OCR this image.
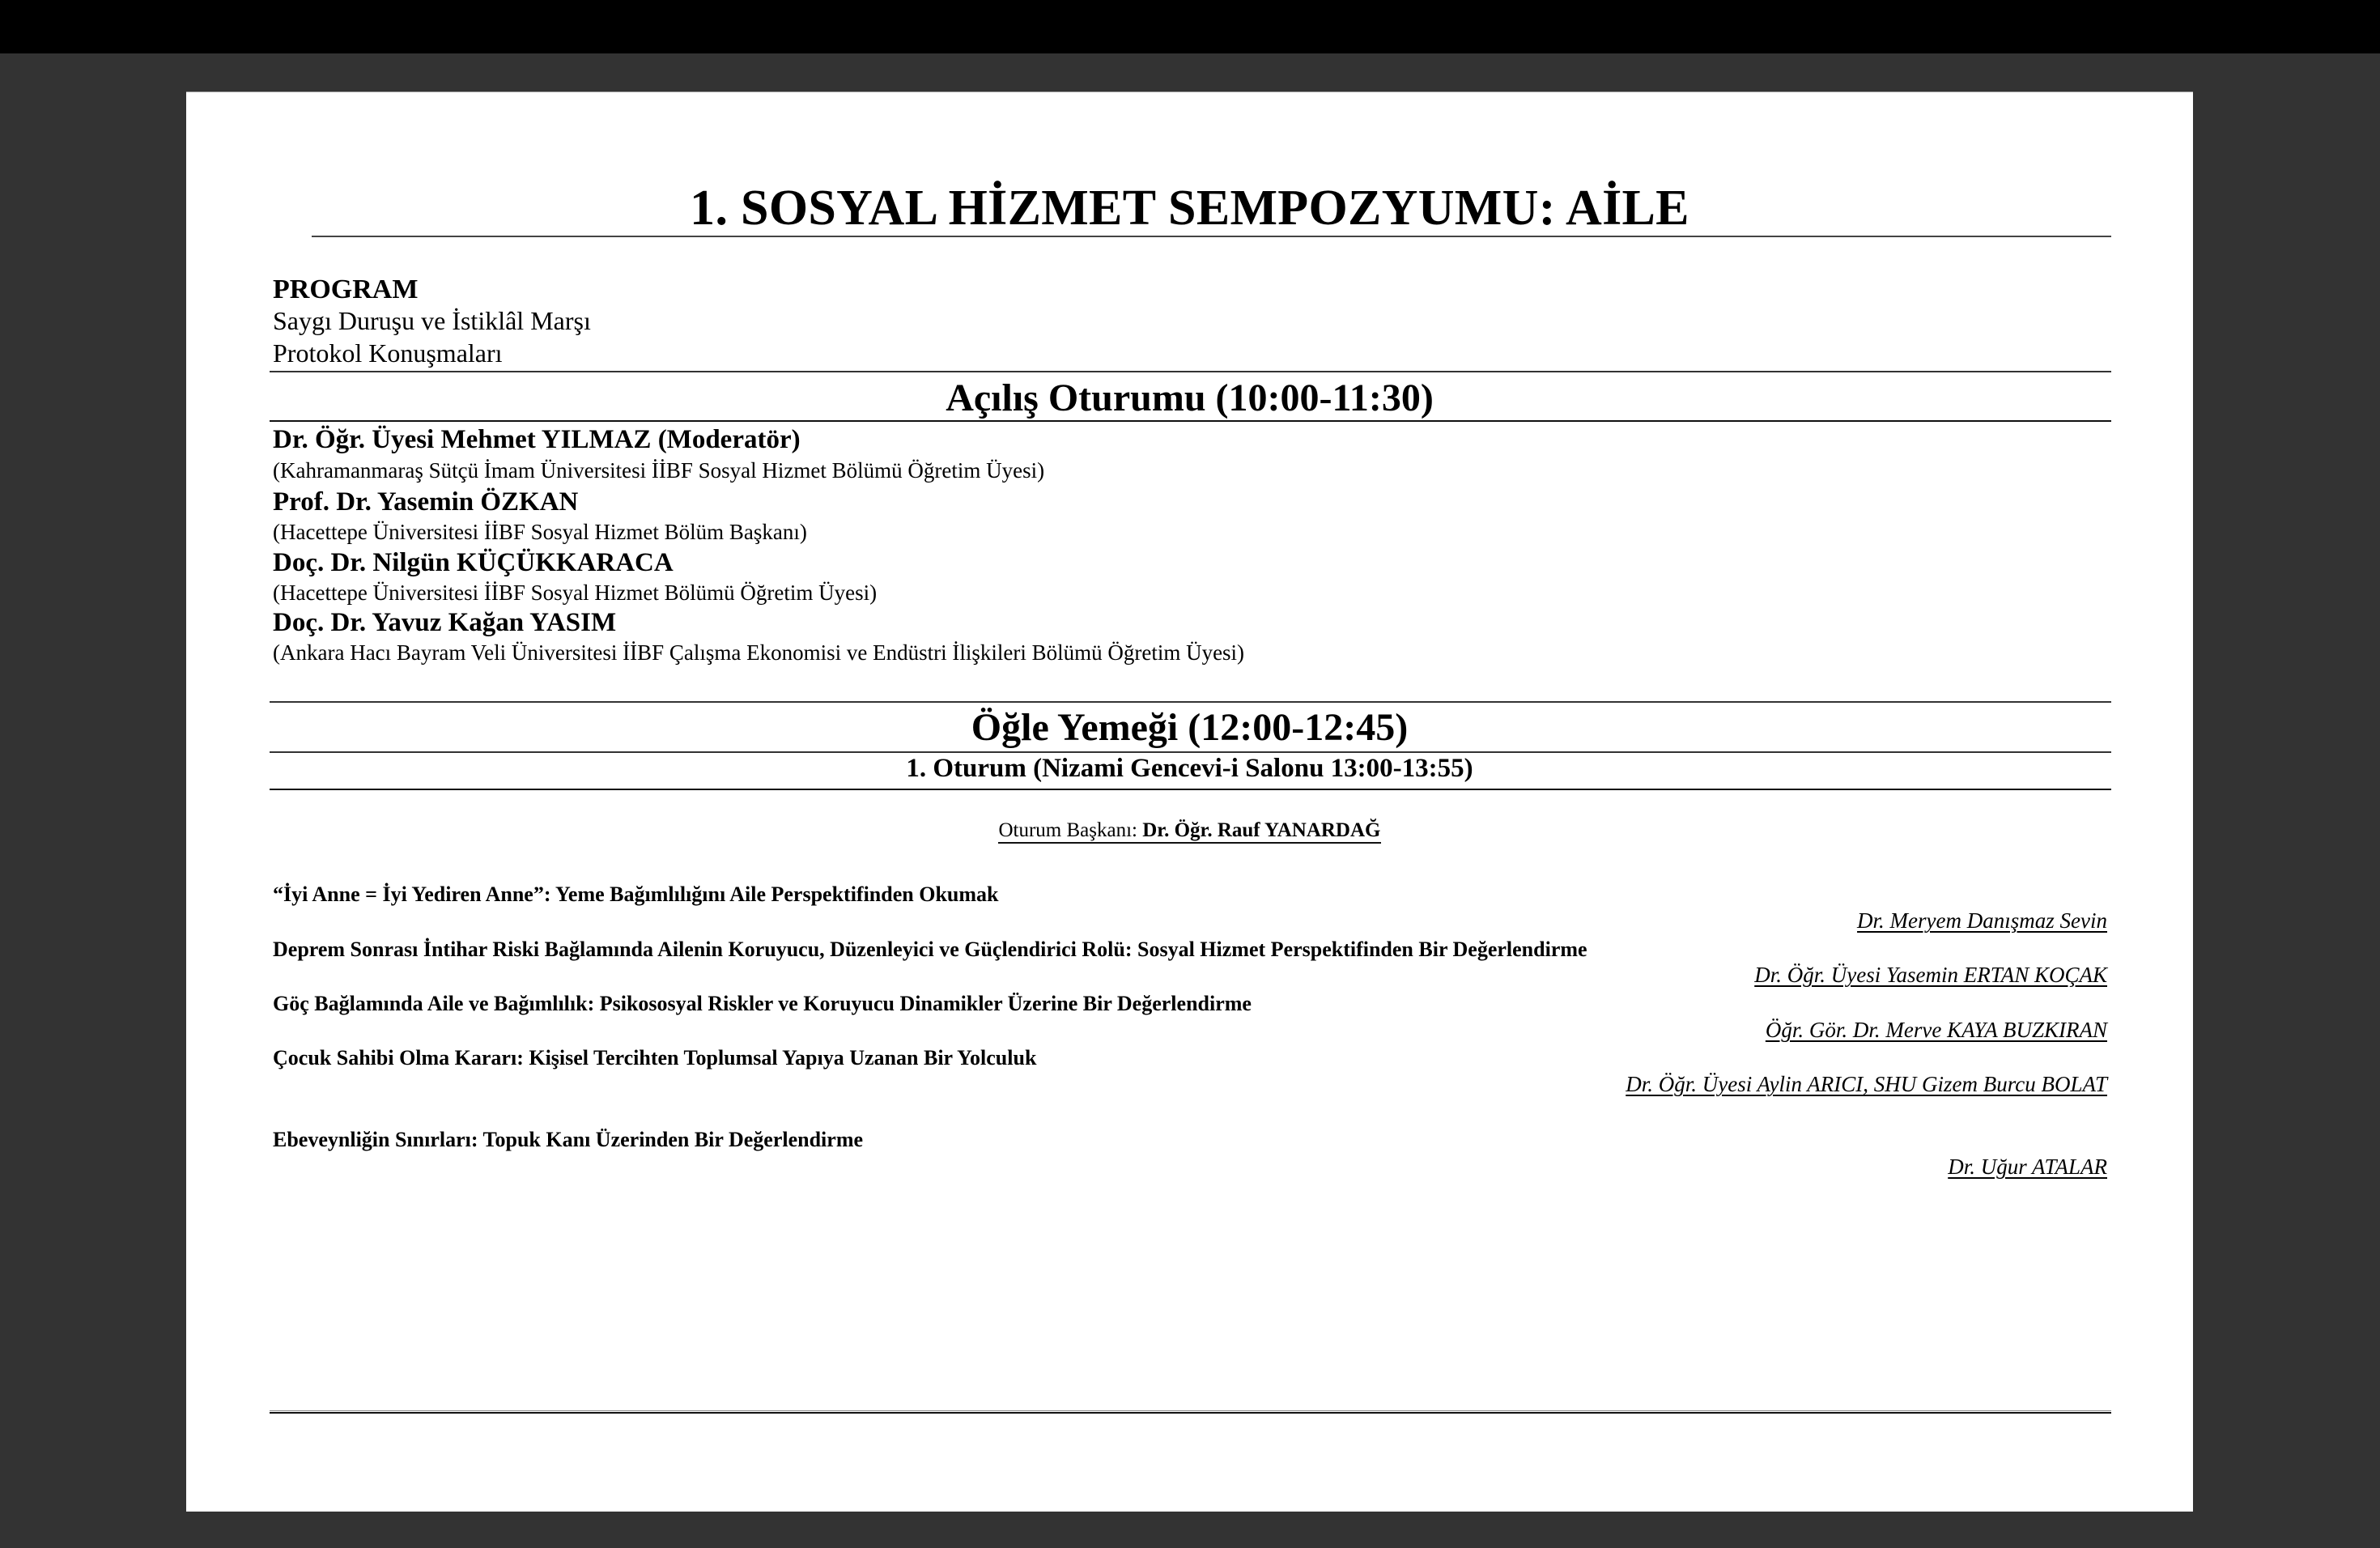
1. SOSYAL HİZMET SEMPOZYUMU: AİLE
PROGRAM
Saygı Duruşu ve İstiklâl Marşı
Protokol Konuşmaları
Açılış Oturumu (10:00-11:30)
Dr. Öğr. Üyesi Mehmet YILMAZ (Moderatör)
(Kahramanmaraş Sütçü İmam Üniversitesi İİBF Sosyal Hizmet Bölümü Öğretim Üyesi)
Prof. Dr. Yasemin ÖZKAN
(Hacettepe Üniversitesi İİBF Sosyal Hizmet Bölüm Başkanı)
Doç. Dr. Nilgün KÜÇÜKKARACA
(Hacettepe Üniversitesi İİBF Sosyal Hizmet Bölümü Öğretim Üyesi)
Doç. Dr. Yavuz Kağan YASIM
(Ankara Hacı Bayram Veli Üniversitesi İİBF Çalışma Ekonomisi ve Endüstri İlişkileri Bölümü Öğretim Üyesi)
Öğle Yemeği (12:00-12:45)
1. Oturum (Nizami Gencevi-i Salonu 13:00-13:55)
Oturum Başkanı: Dr. Öğr. Rauf YANARDAĞ
“İyi Anne = İyi Yediren Anne”: Yeme Bağımlılığını Aile Perspektifinden Okumak
Dr. Meryem Danışmaz Sevin
Deprem Sonrası İntihar Riski Bağlamında Ailenin Koruyucu, Düzenleyici ve Güçlendirici Rolü: Sosyal Hizmet Perspektifinden Bir Değerlendirme
Dr. Öğr. Üyesi Yasemin ERTAN KOÇAK
Göç Bağlamında Aile ve Bağımlılık: Psikososyal Riskler ve Koruyucu Dinamikler Üzerine Bir Değerlendirme
Öğr. Gör. Dr. Merve KAYA BUZKIRAN
Çocuk Sahibi Olma Kararı: Kişisel Tercihten Toplumsal Yapıya Uzanan Bir Yolculuk
Dr. Öğr. Üyesi Aylin ARICI, SHU Gizem Burcu BOLAT
Ebeveynliğin Sınırları: Topuk Kanı Üzerinden Bir Değerlendirme
Dr. Uğur ATALAR
